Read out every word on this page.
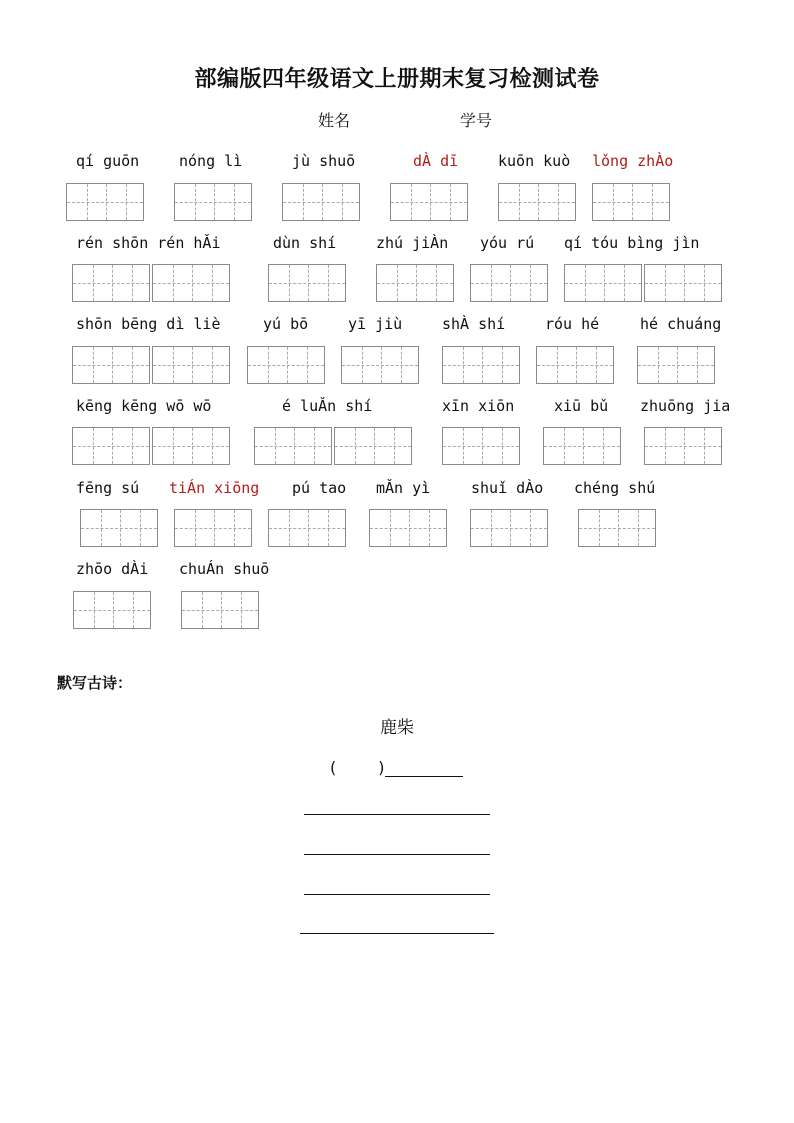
部编版四年级语文上册期末复习检测试卷
姓名	学号
qí guōn	nóng lì	jù shuō	dÀ dī	kuōn kuò lǒng zhÀo
rén shōn rén hǍi	dùn shí	zhú jiÀn yóu rú qí tóu bìng jìn
shōn bēng dì liè	yú bō	yī jiù	shÀ shí	róu hé	hé chuáng
kēng kēng wō wō	é luǍn shí	xīn xiōn	xiū bǔ zhuōng jia
fēng sú tiÁn xiōng pú tao mǍn yì	shuǐ dÀo chéng shú
zhōo dÀi chuÁn shuō
默写古诗：
鹿柴
(	)
